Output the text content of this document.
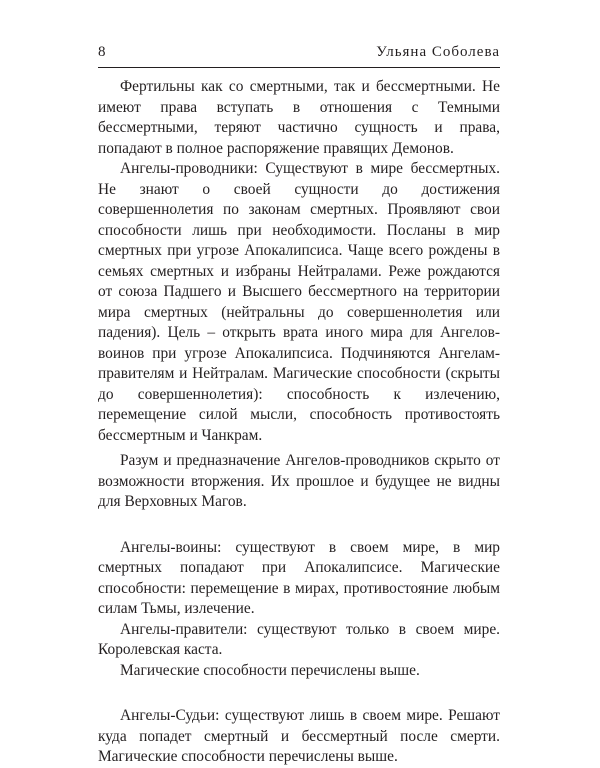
8	Ульяна Соболева

Фертильны как со смертными, так и бессмертными. Не имеют права вступать в отношения с Темными бессмертными, теряют частично сущность и права, попадают в полное распоряжение правящих Демонов.

Ангелы-проводники: Существуют в мире бессмертных. Не знают о своей сущности до достижения совершеннолетия по законам смертных. Проявляют свои способности лишь при необходимости. Посланы в мир смертных при угрозе Апокалипсиса. Чаще всего рождены в семьях смертных и избраны Нейтралами. Реже рождаются от союза Падшего и Высшего бессмертного на территории мира смертных (нейтральны до совершеннолетия или падения). Цель – открыть врата иного мира для Ангелов-воинов при угрозе Апокалипсиса. Подчиняются Ангелам-правителям и Нейтралам. Магические способности (скрыты до совершеннолетия): способность к излечению, перемещение силой мысли, способность противостоять бессмертным и Чанкрам.

Разум и предназначение Ангелов-проводников скрыто от возможности вторжения. Их прошлое и будущее не видны для Верховных Магов.

Ангелы-воины: существуют в своем мире, в мир смертных попадают при Апокалипсисе. Магические способности: перемещение в мирах, противостояние любым силам Тьмы, излечение.

Ангелы-правители: существуют только в своем мире. Королевская каста.

Магические способности перечислены выше.

Ангелы-Судьи: существуют лишь в своем мире. Решают куда попадет смертный и бессмертный после смерти. Магические способности перечислены выше.
